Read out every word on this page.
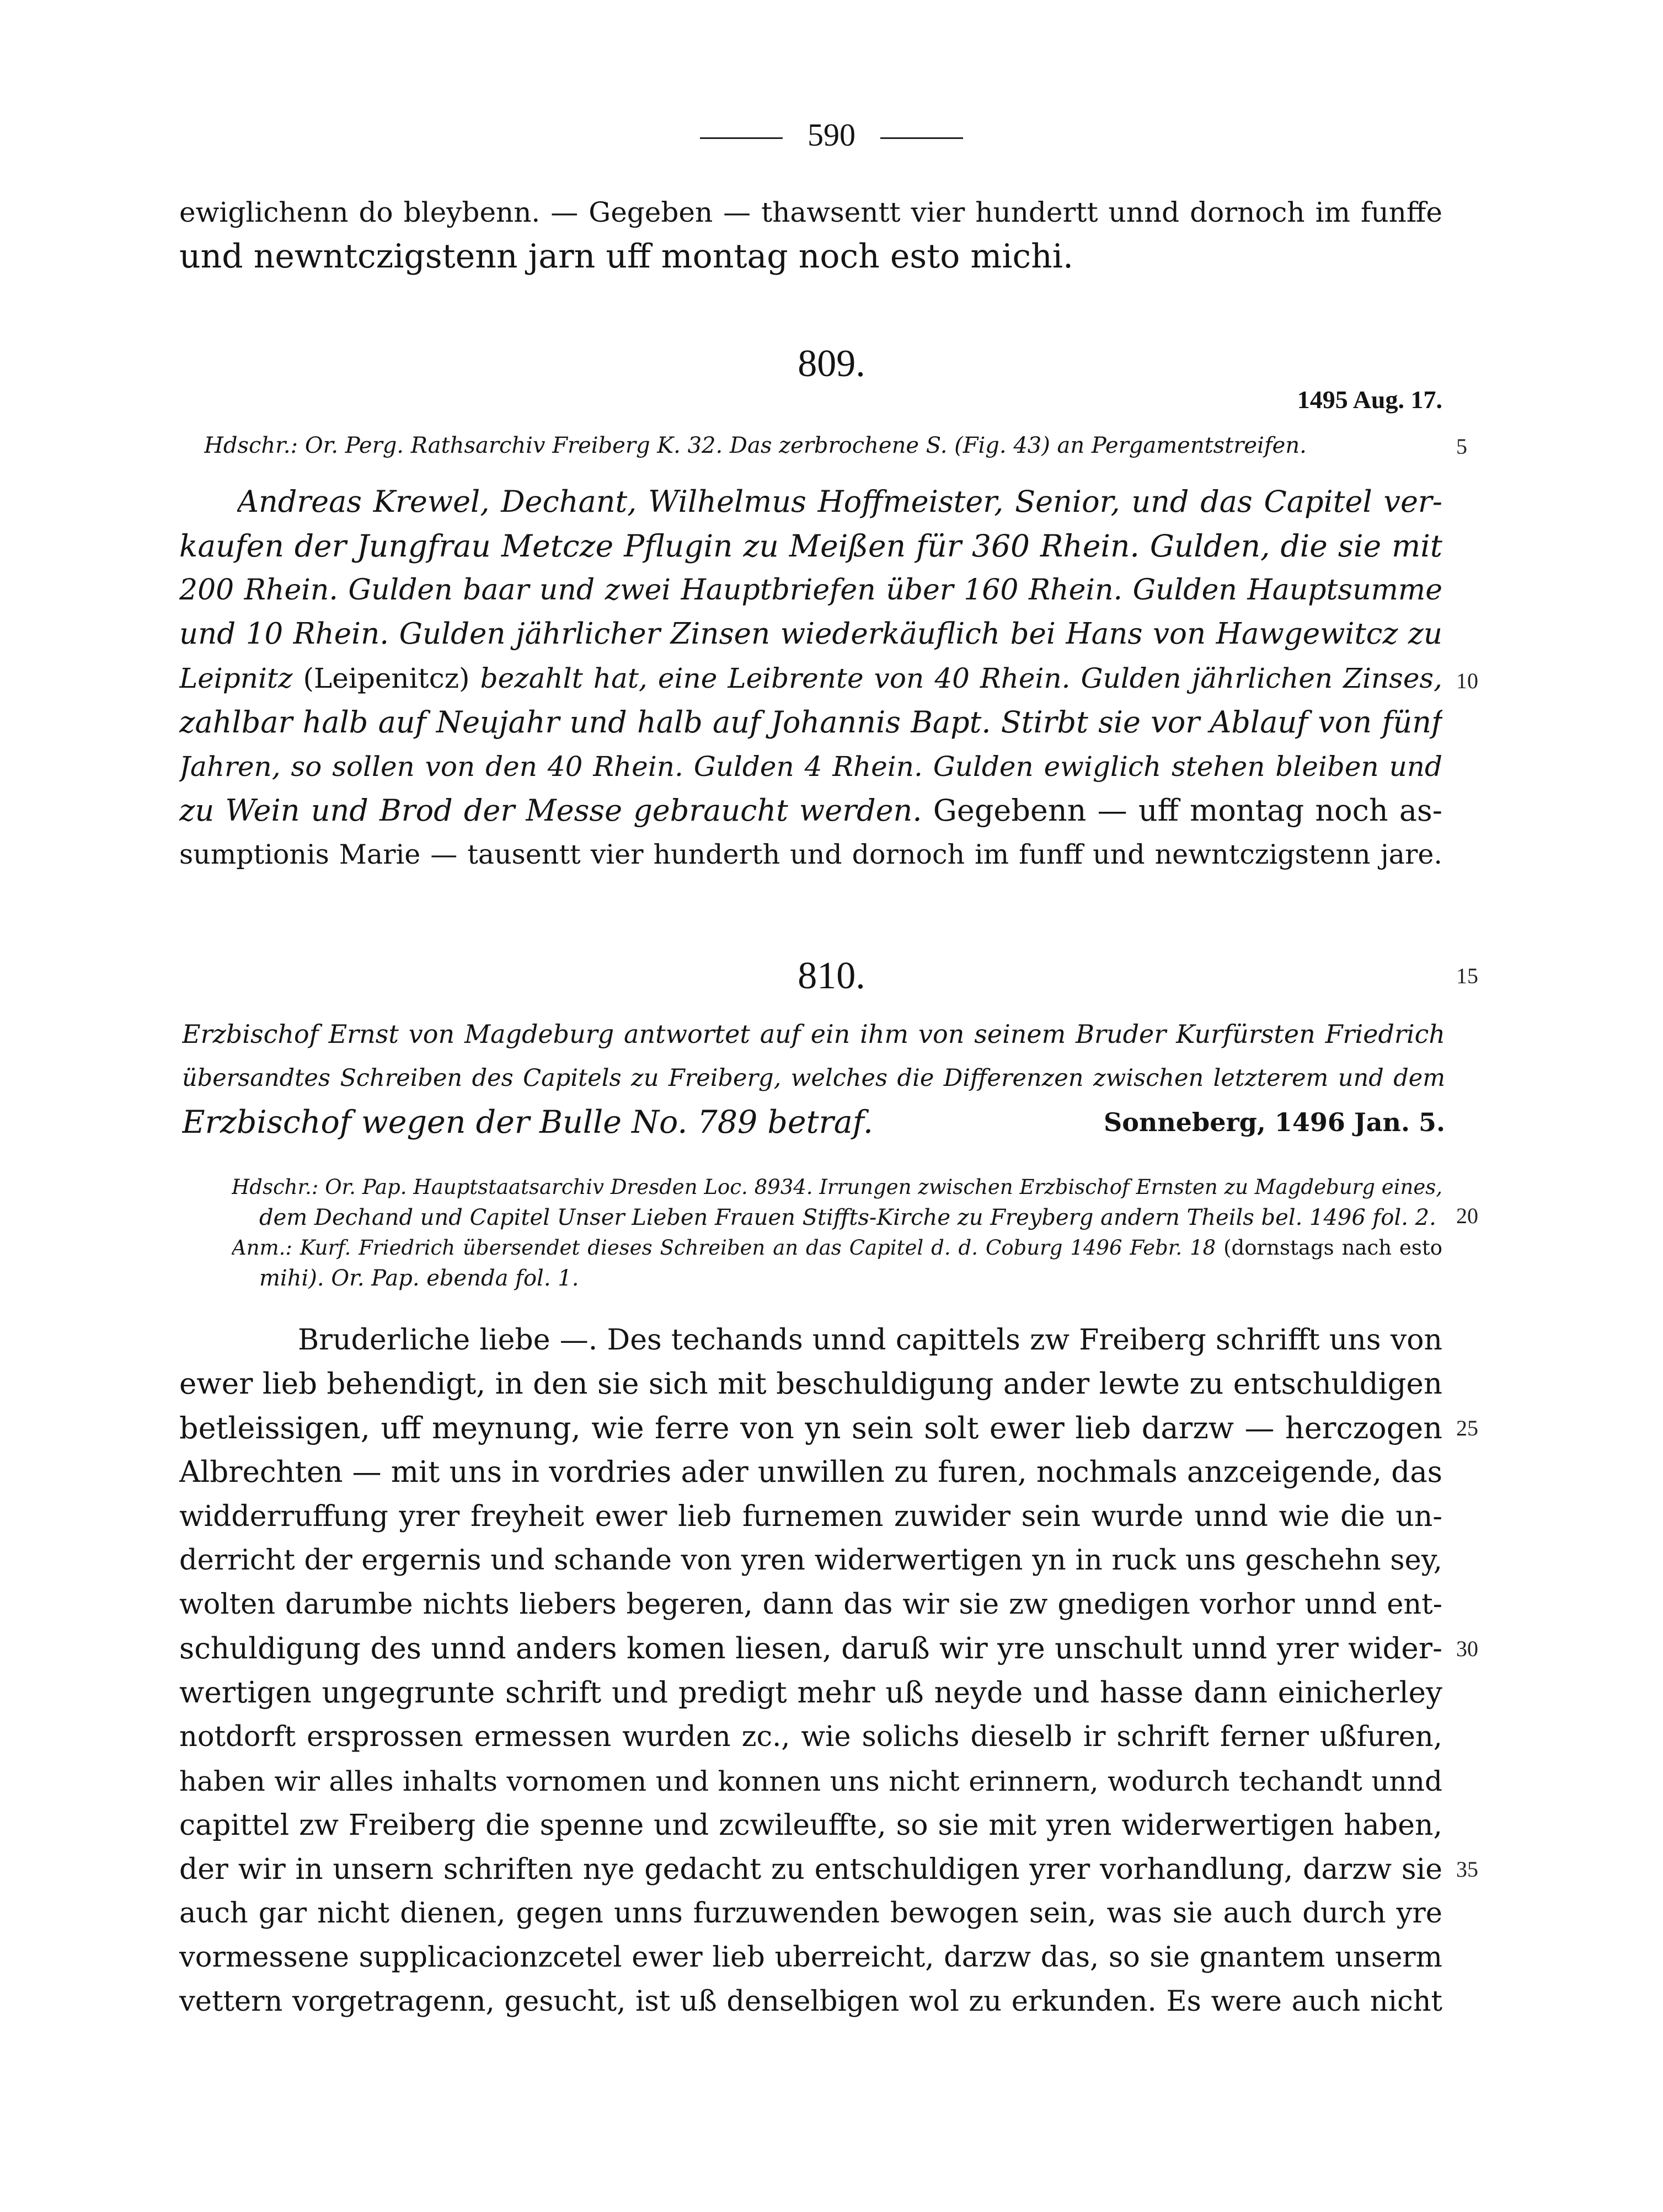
590
ewiglichenn do bleybenn. — Gegeben — thawsentt vier hundertt unnd dornoch im funffe
und newntczigstenn jarn uff montag noch esto michi.
809.
1495 Aug. 17.
Hdschr.: Or. Perg. Rathsarchiv Freiberg K. 32. Das zerbrochene S. (Fig. 43) an Pergamentstreifen.
Andreas Krewel, Dechant, Wilhelmus Hoffmeister, Senior, und das Capitel ver-
kaufen der Jungfrau Metcze Pflugin zu Meißen für 360 Rhein. Gulden, die sie mit
200 Rhein. Gulden baar und zwei Hauptbriefen über 160 Rhein. Gulden Hauptsumme
und 10 Rhein. Gulden jährlicher Zinsen wiederkäuflich bei Hans von Hawgewitcz zu
Leipnitz (Leipenitcz) bezahlt hat, eine Leibrente von 40 Rhein. Gulden jährlichen Zinses,
zahlbar halb auf Neujahr und halb auf Johannis Bapt. Stirbt sie vor Ablauf von fünf
Jahren, so sollen von den 40 Rhein. Gulden 4 Rhein. Gulden ewiglich stehen bleiben und
zu Wein und Brod der Messe gebraucht werden. Gegebenn — uff montag noch as-
sumptionis Marie — tausentt vier hunderth und dornoch im funff und newntczigstenn jare.
810.
Erzbischof Ernst von Magdeburg antwortet auf ein ihm von seinem Bruder Kurfürsten Friedrich
übersandtes Schreiben des Capitels zu Freiberg, welches die Differenzen zwischen letzterem und dem
Erzbischof wegen der Bulle No. 789 betraf.	Sonneberg, 1496 Jan. 5.
Hdschr.: Or. Pap. Hauptstaatsarchiv Dresden Loc. 8934. Irrungen zwischen Erzbischof Ernsten zu Magdeburg eines,
dem Dechand und Capitel Unser Lieben Frauen Stiffts-Kirche zu Freyberg andern Theils bel. 1496 fol. 2.
Anm.: Kurf. Friedrich übersendet dieses Schreiben an das Capitel d. d. Coburg 1496 Febr. 18 (dornstags nach esto
mihi). Or. Pap. ebenda fol. 1.
Bruderliche liebe —. Des techands unnd capittels zw Freiberg schrifft uns von
ewer lieb behendigt, in den sie sich mit beschuldigung ander lewte zu entschuldigen
betleissigen, uff meynung, wie ferre von yn sein solt ewer lieb darzw — herczogen
Albrechten — mit uns in vordries ader unwillen zu furen, nochmals anzceigende, das
widderruffung yrer freyheit ewer lieb furnemen zuwider sein wurde unnd wie die un-
derricht der ergernis und schande von yren widerwertigen yn in ruck uns geschehn sey,
wolten darumbe nichts liebers begeren, dann das wir sie zw gnedigen vorhor unnd ent-
schuldigung des unnd anders komen liesen, daruß wir yre unschult unnd yrer wider-
wertigen ungegrunte schrift und predigt mehr uß neyde und hasse dann einicherley
notdorft ersprossen ermessen wurden zc., wie solichs dieselb ir schrift ferner ußfuren,
haben wir alles inhalts vornomen und konnen uns nicht erinnern, wodurch techandt unnd
capittel zw Freiberg die spenne und zcwileuffte, so sie mit yren widerwertigen haben,
der wir in unsern schriften nye gedacht zu entschuldigen yrer vorhandlung, darzw sie
auch gar nicht dienen, gegen unns furzuwenden bewogen sein, was sie auch durch yre
vormessene supplicacionzcetel ewer lieb uberreicht, darzw das, so sie gnantem unserm
vettern vorgetragenn, gesucht, ist uß denselbigen wol zu erkunden. Es were auch nicht
5
10
15
20
25
30
35
